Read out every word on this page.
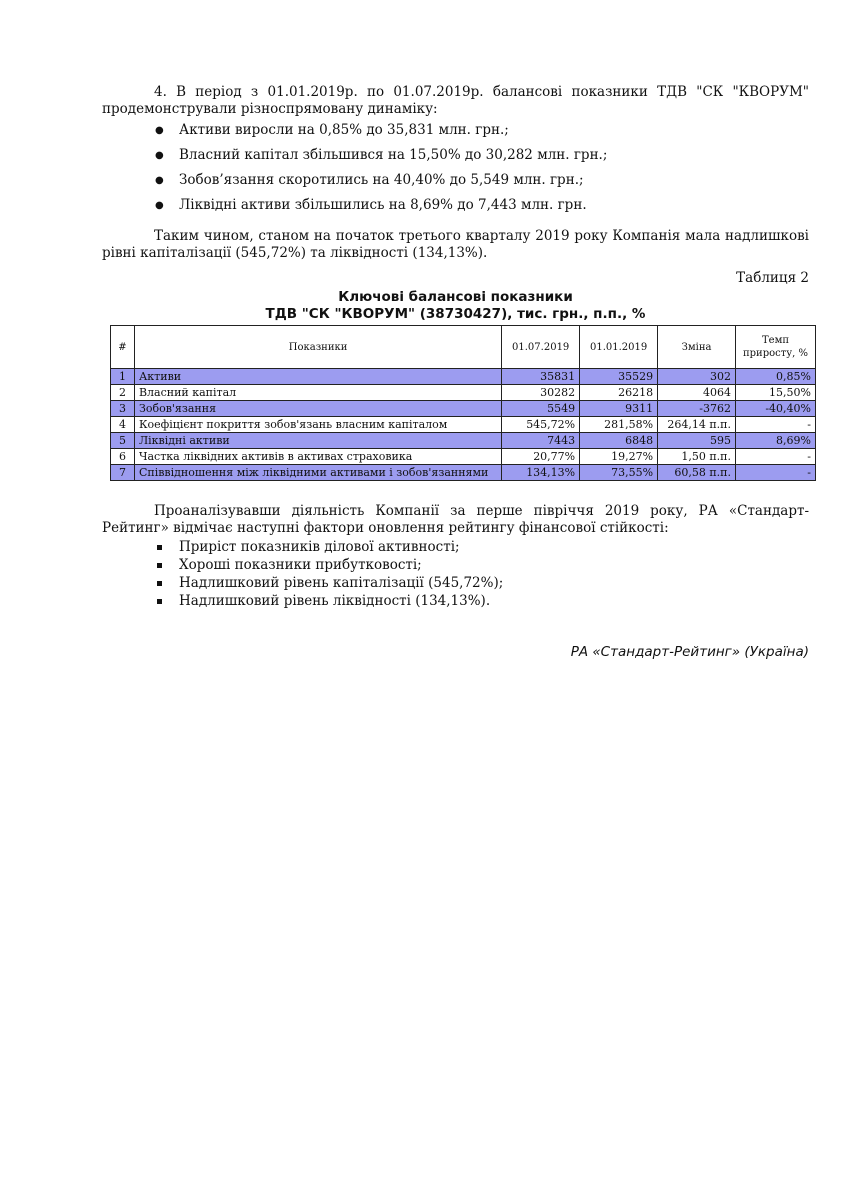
4. В період з 01.01.2019р. по 01.07.2019р. балансові показники ТДВ "СК "КВОРУМ" продемонстрували різноспрямовану динаміку:

● Активи виросли на 0,85% до 35,831 млн. грн.;
● Власний капітал збільшився на 15,50% до 30,282 млн. грн.;
● Зобов’язання скоротились на 40,40% до 5,549 млн. грн.;
● Ліквідні активи збільшились на 8,69% до 7,443 млн. грн.

Таким чином, станом на початок третього кварталу 2019 року Компанія мала надлишкові рівні капіталізації (545,72%) та ліквідності (134,13%).

Таблиця 2
Ключові балансові показники
ТДВ "СК "КВОРУМ" (38730427), тис. грн., п.п., %
#	Показники	01.07.2019	01.01.2019	Зміна	Темп приросту, %
1	Активи	35831	35529	302	0,85%
2	Власний капітал	30282	26218	4064	15,50%
3	Зобов'язання	5549	9311	-3762	-40,40%
4	Коефіцієнт покриття зобов'язань власним капіталом	545,72%	281,58%	264,14 п.п.	-
5	Ліквідні активи	7443	6848	595	8,69%
6	Частка ліквідних активів в активах страховика	20,77%	19,27%	1,50 п.п.	-
7	Співвідношення між ліквідними активами і зобов'язаннями	134,13%	73,55%	60,58 п.п.	-

Проаналізувавши діяльність Компанії за перше півріччя 2019 року, РА «Стандарт-Рейтинг» відмічає наступні фактори оновлення рейтингу фінансової стійкості:

Приріст показників ділової активності;
Хороші показники прибутковості;
Надлишковий рівень капіталізації (545,72%);
Надлишковий рівень ліквідності (134,13%).
РА «Стандарт-Рейтинг» (Україна)
